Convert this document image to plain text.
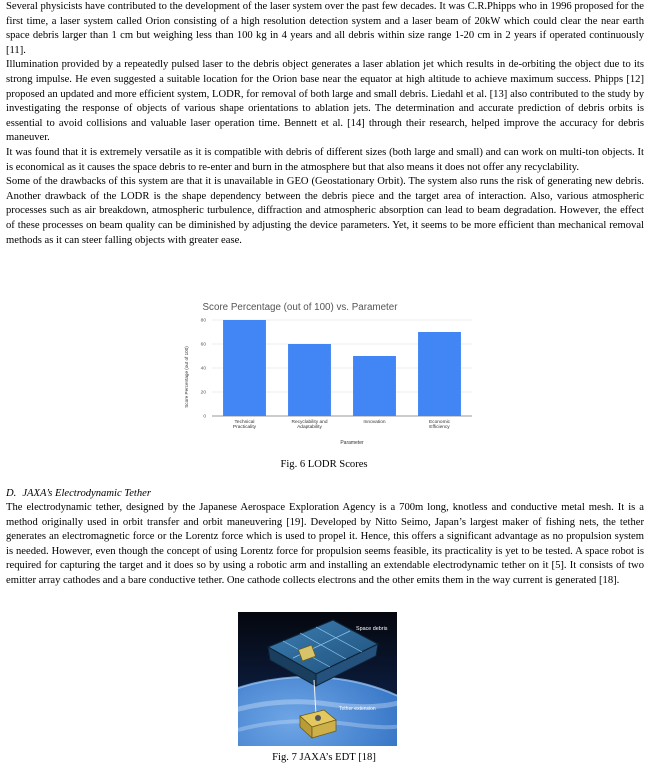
Several physicists have contributed to the development of the laser system over the past few decades. It was C.R.Phipps who in 1996 proposed for the first time, a laser system called Orion consisting of a high resolution detection system and a laser beam of 20kW which could clear the near earth space debris larger than 1 cm but weighing less than 100 kg in 4 years and all debris within size range 1-20 cm in 2 years if operated continuously [11].

Illumination provided by a repeatedly pulsed laser to the debris object generates a laser ablation jet which results in de-orbiting the object due to its strong impulse. He even suggested a suitable location for the Orion base near the equator at high altitude to achieve maximum success. Phipps [12] proposed an updated and more efficient system, LODR, for removal of both large and small debris. Liedahl et al. [13] also contributed to the study by investigating the response of objects of various shape orientations to ablation jets. The determination and accurate prediction of debris orbits is essential to avoid collisions and valuable laser operation time. Bennett et al. [14] through their research, helped improve the accuracy for debris maneuver.

It was found that it is extremely versatile as it is compatible with debris of different sizes (both large and small) and can work on multi-ton objects. It is economical as it causes the space debris to re-enter and burn in the atmosphere but that also means it does not offer any recyclability.

Some of the drawbacks of this system are that it is unavailable in GEO (Geostationary Orbit). The system also runs the risk of generating new debris. Another drawback of the LODR is the shape dependency between the debris piece and the target area of interaction. Also, various atmospheric processes such as air breakdown, atmospheric turbulence, diffraction and atmospheric absorption can lead to beam degradation. However, the effect of these processes on beam quality can be diminished by adjusting the device parameters. Yet, it seems to be more efficient than mechanical removal methods as it can steer falling objects with greater ease.

Score Percentage (out of 100) vs. Parameter
0
20
40
60
80
Technical Practicality
Recyclability and Adaptability
Innovation	Economic Efficiency
Score Percentage (out of 100)
Parameter

Fig. 6 LODR Scores

D. JAXA’s Electrodynamic Tether

The electrodynamic tether, designed by the Japanese Aerospace Exploration Agency is a 700m long, knotless and conductive metal mesh. It is a method originally used in orbit transfer and orbit maneuvering [19]. Developed by Nitto Seimo, Japan’s largest maker of fishing nets, the tether generates an electromagnetic force or the Lorentz force which is used to propel it. Hence, this offers a significant advantage as no propulsion system is needed. However, even though the concept of using Lorentz force for propulsion seems feasible, its practicality is yet to be tested. A space robot is required for capturing the target and it does so by using a robotic arm and installing an extendable electrodynamic tether on it [5]. It consists of two emitter array cathodes and a bare conductive tether. One cathode collects electrons and the other emits them in the way current is generated [18].

Space debris
Tether extension

Fig. 7 JAXA’s EDT [18]
